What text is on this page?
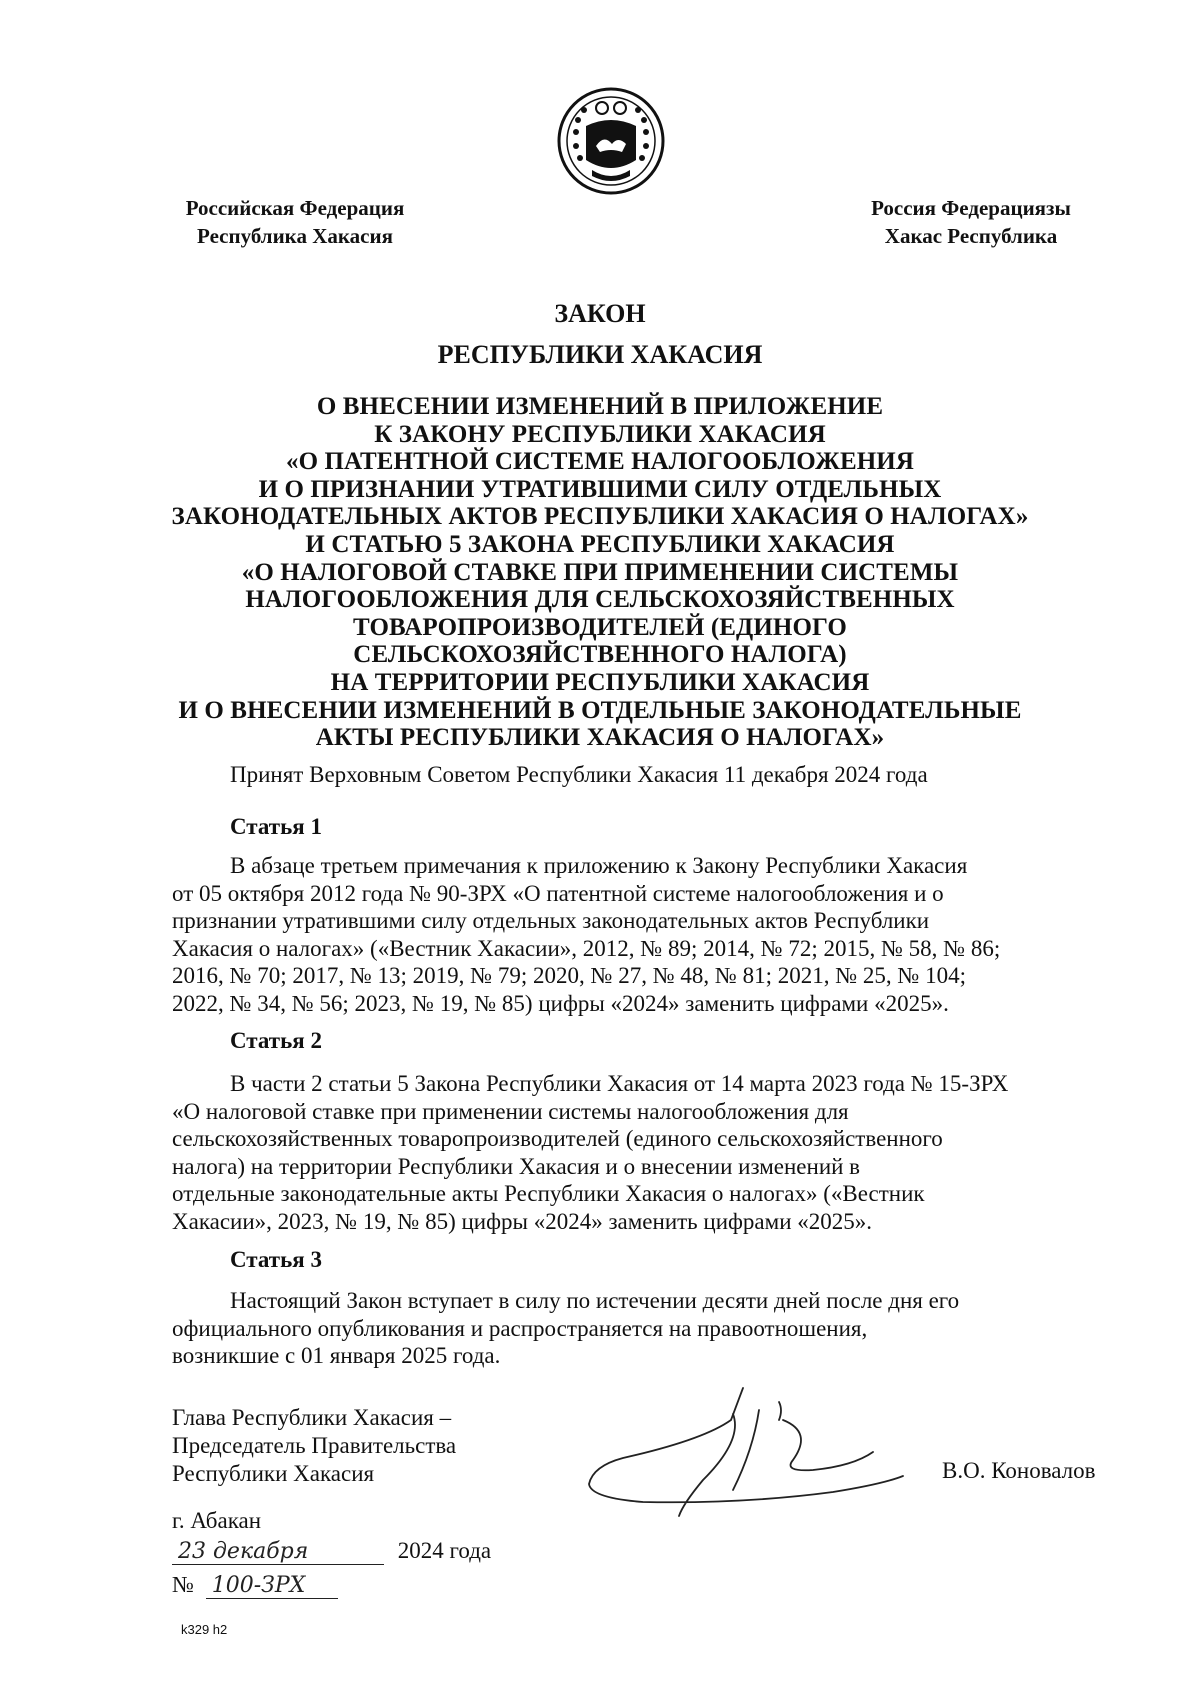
Российская Федерация
Республика Хакасия
Россия Федерациязы
Хакас Республика
ЗАКОН
РЕСПУБЛИКИ ХАКАСИЯ
О ВНЕСЕНИИ ИЗМЕНЕНИЙ В ПРИЛОЖЕНИЕ
К ЗАКОНУ РЕСПУБЛИКИ ХАКАСИЯ
«О ПАТЕНТНОЙ СИСТЕМЕ НАЛОГООБЛОЖЕНИЯ
И О ПРИЗНАНИИ УТРАТИВШИМИ СИЛУ ОТДЕЛЬНЫХ
ЗАКОНОДАТЕЛЬНЫХ АКТОВ РЕСПУБЛИКИ ХАКАСИЯ О НАЛОГАХ»
И СТАТЬЮ 5 ЗАКОНА РЕСПУБЛИКИ ХАКАСИЯ
«О НАЛОГОВОЙ СТАВКЕ ПРИ ПРИМЕНЕНИИ СИСТЕМЫ
НАЛОГООБЛОЖЕНИЯ ДЛЯ СЕЛЬСКОХОЗЯЙСТВЕННЫХ
ТОВАРОПРОИЗВОДИТЕЛЕЙ (ЕДИНОГО
СЕЛЬСКОХОЗЯЙСТВЕННОГО НАЛОГА)
НА ТЕРРИТОРИИ РЕСПУБЛИКИ ХАКАСИЯ
И О ВНЕСЕНИИ ИЗМЕНЕНИЙ В ОТДЕЛЬНЫЕ ЗАКОНОДАТЕЛЬНЫЕ
АКТЫ РЕСПУБЛИКИ ХАКАСИЯ О НАЛОГАХ»
Принят Верховным Советом Республики Хакасия 11 декабря 2024 года
Статья 1
В абзаце третьем примечания к приложению к Закону Республики Хакасия
от 05 октября 2012 года № 90-ЗРХ «О патентной системе налогообложения и о
признании утратившими силу отдельных законодательных актов Республики
Хакасия о налогах» («Вестник Хакасии», 2012, № 89; 2014, № 72; 2015, № 58, № 86;
2016, № 70; 2017, № 13; 2019, № 79; 2020, № 27, № 48, № 81; 2021, № 25, № 104;
2022, № 34, № 56; 2023, № 19, № 85) цифры «2024» заменить цифрами «2025».
Статья 2
В части 2 статьи 5 Закона Республики Хакасия от 14 марта 2023 года № 15-ЗРХ
«О налоговой ставке при применении системы налогообложения для
сельскохозяйственных товаропроизводителей (единого сельскохозяйственного
налога) на территории Республики Хакасия и о внесении изменений в
отдельные законодательные акты Республики Хакасия о налогах» («Вестник
Хакасии», 2023, № 19, № 85) цифры «2024» заменить цифрами «2025».
Статья 3
Настоящий Закон вступает в силу по истечении десяти дней после дня его
официального опубликования и распространяется на правоотношения,
возникшие с 01 января 2025 года.
Глава Республики Хакасия –
Председатель Правительства
Республики Хакасия	В.О. Коновалов
г. Абакан
23 декабря	2024 года
№ 100-ЗРХ
k329 h2
